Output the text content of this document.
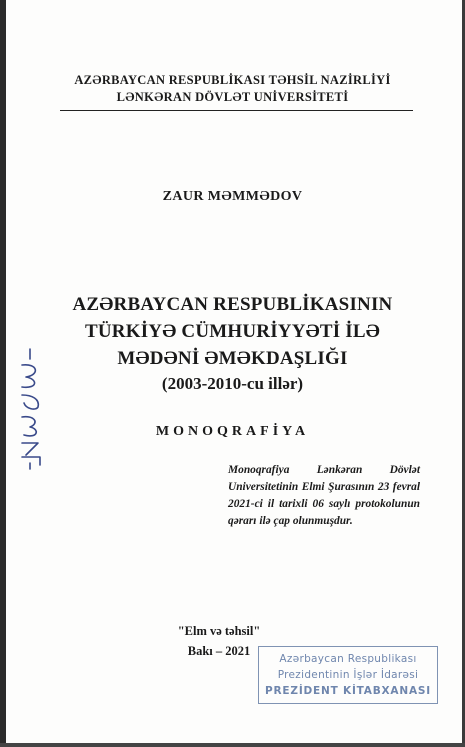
AZƏRBAYCAN RESPUBLİKASI TƏHSİL NAZİRLİYİ
LƏNKƏRAN DÖVLƏT UNİVERSİTETİ
ZAUR MƏMMƏDOV
AZƏRBAYCAN RESPUBLİKASININ
TÜRKİYƏ CÜMHURİYYƏTİ İLƏ
MƏDƏNİ ƏMƏKDAŞLIĞI
(2003-2010-cu illər)
MONOQRAFİYA
Monoqrafiya Lənkəran Dövlət Universitetinin Elmi Şurasının 23 fevral 2021-ci il tarixli 06 saylı protokolunun qərarı ilə çap olunmuşdur.
"Elm və təhsil"
Bakı – 2021
Azərbaycan Respublikası
Prezidentinin İşlər İdarəsi
PREZİDENT KİTABXANASI
